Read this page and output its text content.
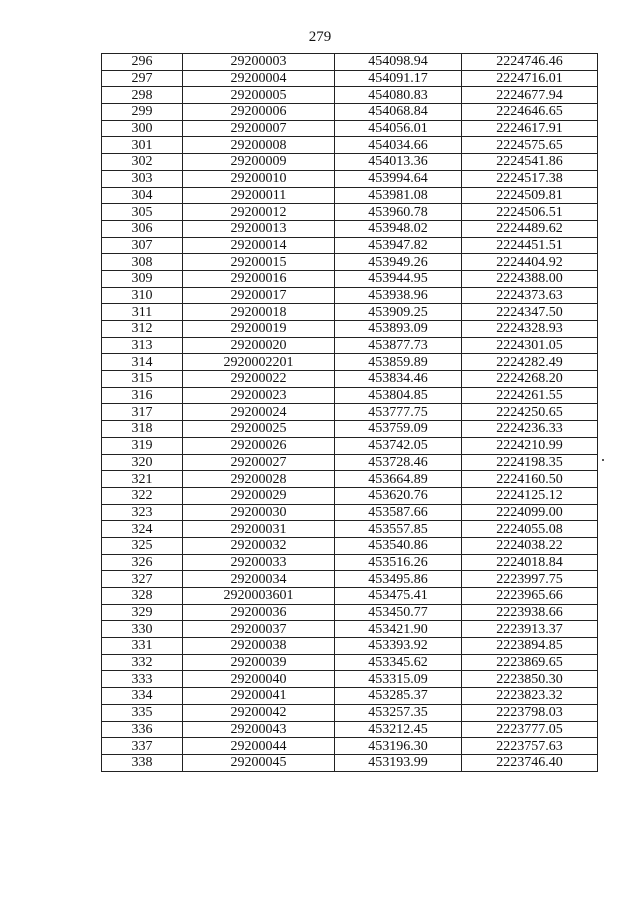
279
296	29200003	454098.94	2224746.46
297	29200004	454091.17	2224716.01
298	29200005	454080.83	2224677.94
299	29200006	454068.84	2224646.65
300	29200007	454056.01	2224617.91
301	29200008	454034.66	2224575.65
302	29200009	454013.36	2224541.86
303	29200010	453994.64	2224517.38
304	29200011	453981.08	2224509.81
305	29200012	453960.78	2224506.51
306	29200013	453948.02	2224489.62
307	29200014	453947.82	2224451.51
308	29200015	453949.26	2224404.92
309	29200016	453944.95	2224388.00
310	29200017	453938.96	2224373.63
311	29200018	453909.25	2224347.50
312	29200019	453893.09	2224328.93
313	29200020	453877.73	2224301.05
314	2920002201	453859.89	2224282.49
315	29200022	453834.46	2224268.20
316	29200023	453804.85	2224261.55
317	29200024	453777.75	2224250.65
318	29200025	453759.09	2224236.33
319	29200026	453742.05	2224210.99
320	29200027	453728.46	2224198.35
321	29200028	453664.89	2224160.50
322	29200029	453620.76	2224125.12
323	29200030	453587.66	2224099.00
324	29200031	453557.85	2224055.08
325	29200032	453540.86	2224038.22
326	29200033	453516.26	2224018.84
327	29200034	453495.86	2223997.75
328	2920003601	453475.41	2223965.66
329	29200036	453450.77	2223938.66
330	29200037	453421.90	2223913.37
331	29200038	453393.92	2223894.85
332	29200039	453345.62	2223869.65
333	29200040	453315.09	2223850.30
334	29200041	453285.37	2223823.32
335	29200042	453257.35	2223798.03
336	29200043	453212.45	2223777.05
337	29200044	453196.30	2223757.63
338	29200045	453193.99	2223746.40
